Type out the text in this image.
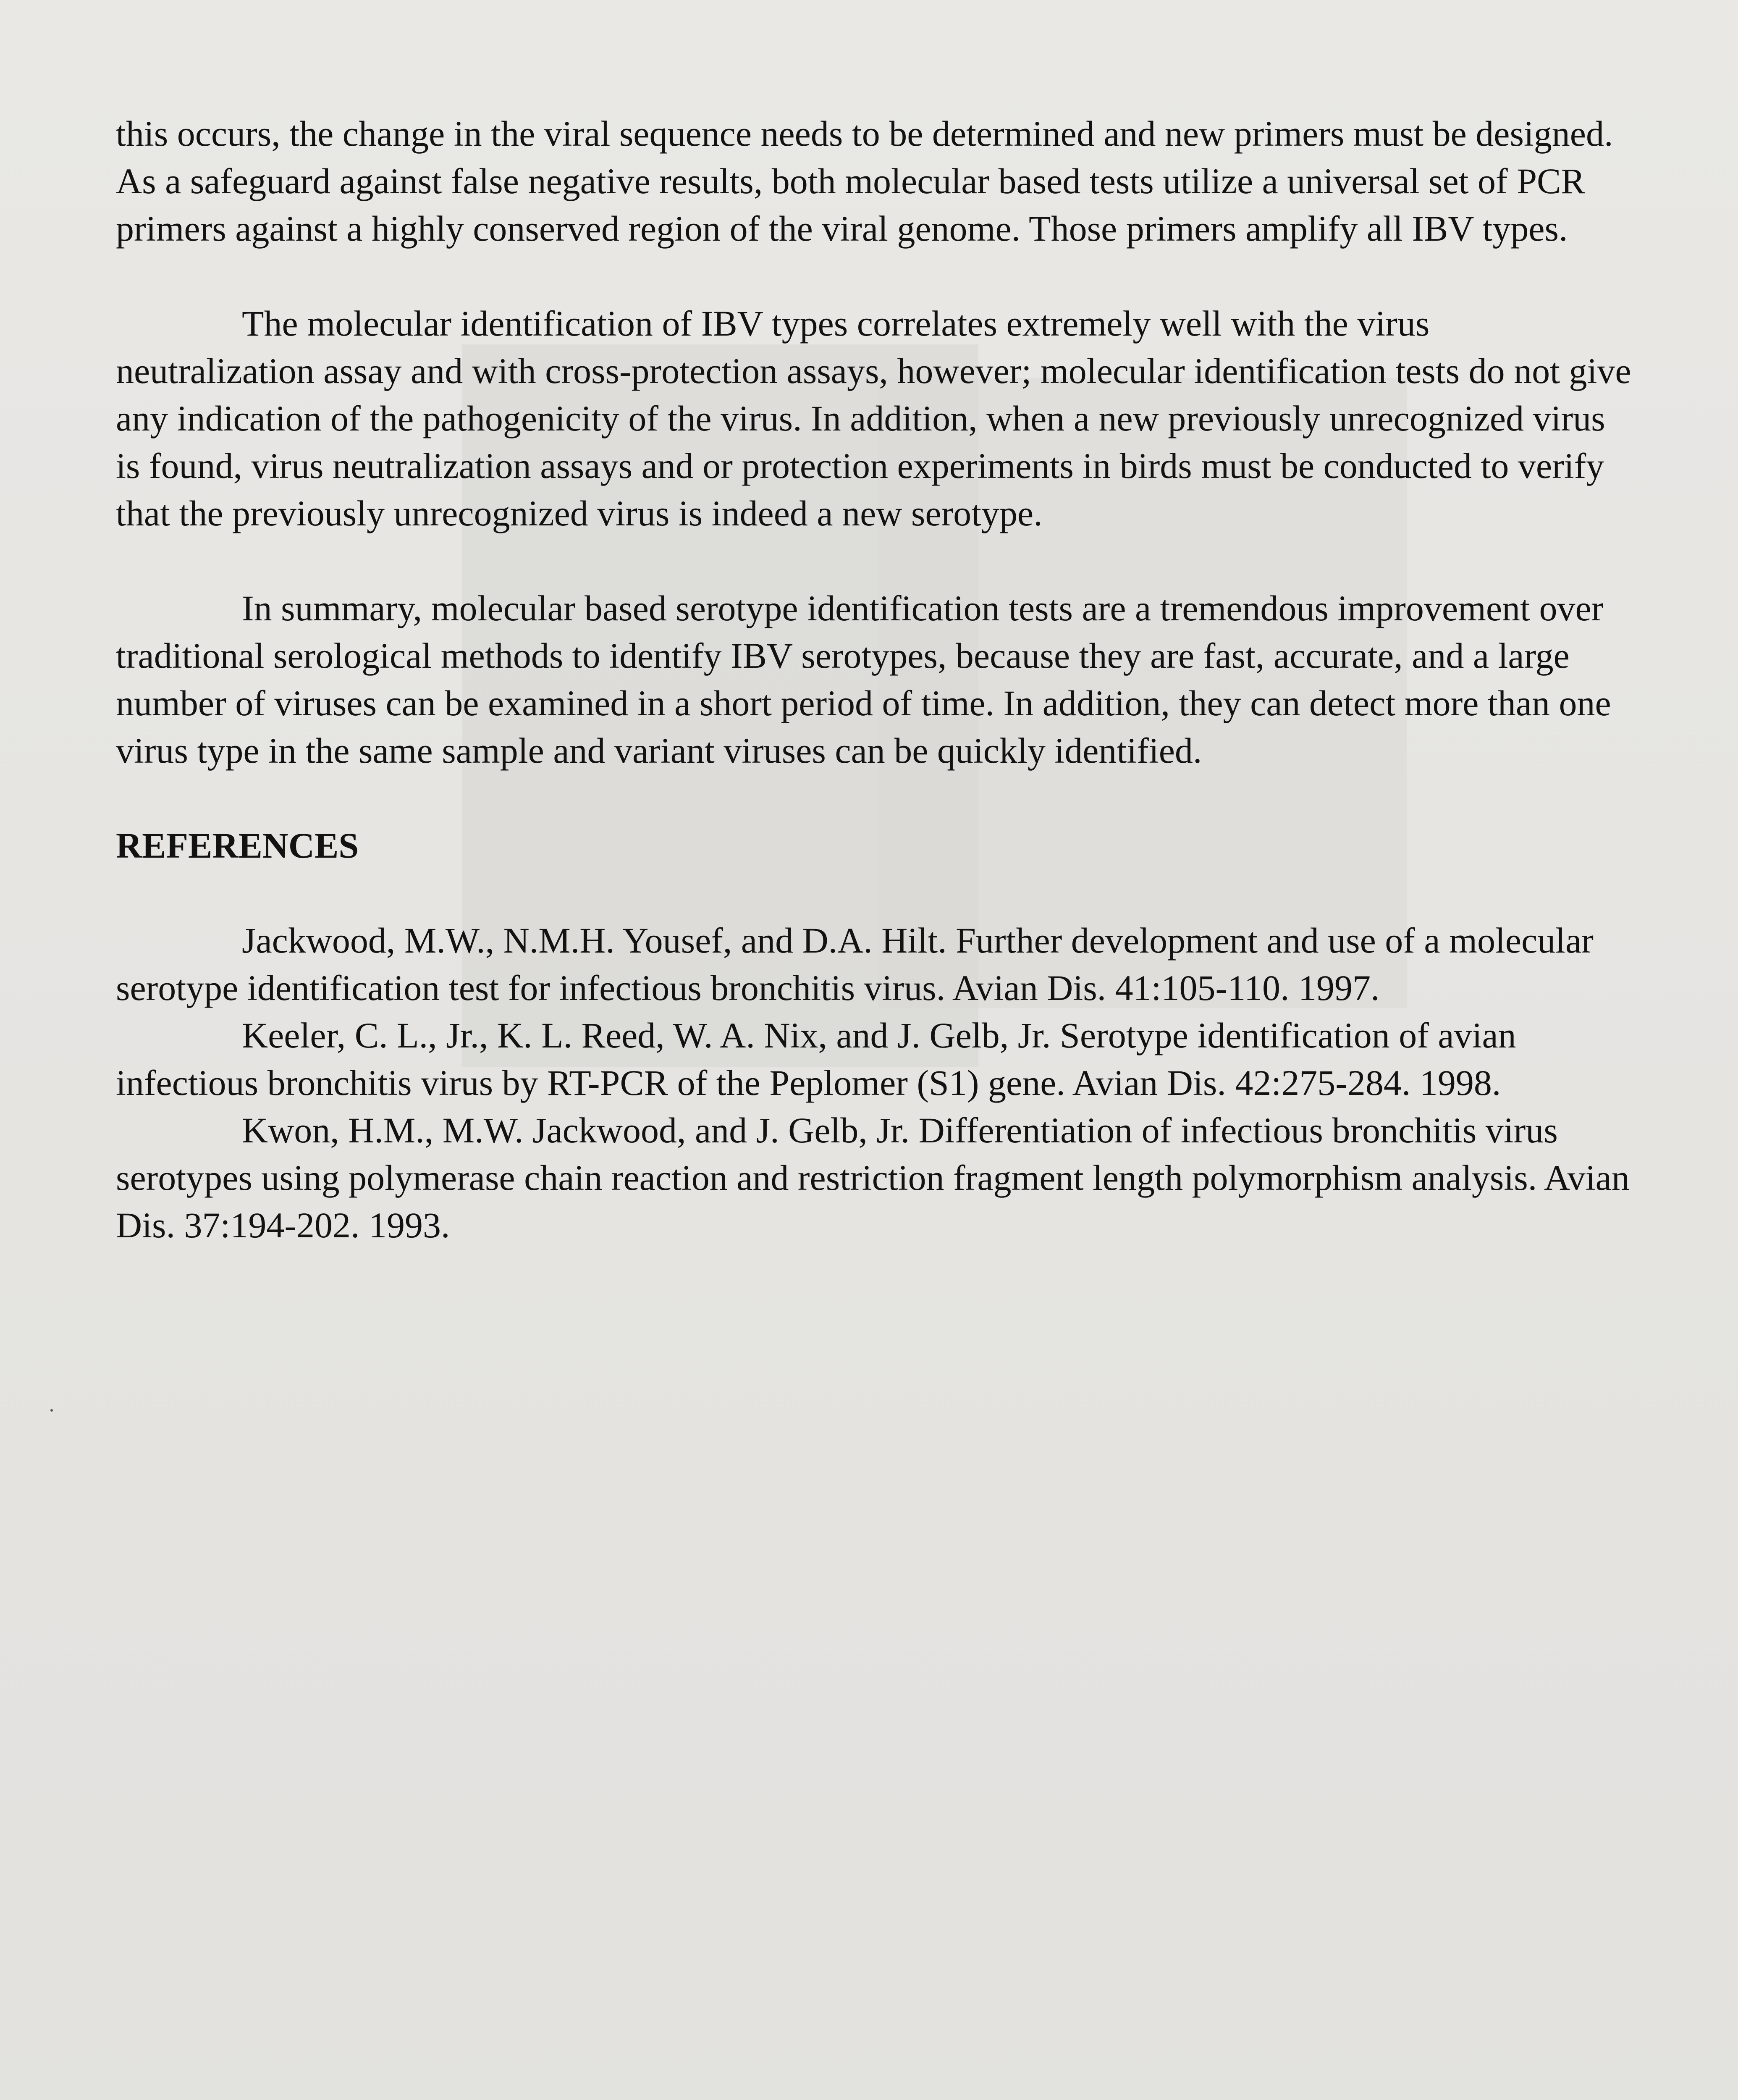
this occurs, the change in the viral sequence needs to be determined and new primers must be designed. As a safeguard against false negative results, both molecular based tests utilize a universal set of PCR primers against a highly conserved region of the viral genome. Those primers amplify all IBV types.

The molecular identification of IBV types correlates extremely well with the virus neutralization assay and with cross-protection assays, however; molecular identification tests do not give any indication of the pathogenicity of the virus. In addition, when a new previously unrecognized virus is found, virus neutralization assays and or protection experiments in birds must be conducted to verify that the previously unrecognized virus is indeed a new serotype.

In summary, molecular based serotype identification tests are a tremendous improvement over traditional serological methods to identify IBV serotypes, because they are fast, accurate, and a large number of viruses can be examined in a short period of time. In addition, they can detect more than one virus type in the same sample and variant viruses can be quickly identified.

REFERENCES

Jackwood, M.W., N.M.H. Yousef, and D.A. Hilt. Further development and use of a molecular serotype identification test for infectious bronchitis virus. Avian Dis. 41:105-110. 1997.

Keeler, C. L., Jr., K. L. Reed, W. A. Nix, and J. Gelb, Jr. Serotype identification of avian infectious bronchitis virus by RT-PCR of the Peplomer (S1) gene. Avian Dis. 42:275-284. 1998.

Kwon, H.M., M.W. Jackwood, and J. Gelb, Jr. Differentiation of infectious bronchitis virus serotypes using polymerase chain reaction and restriction fragment length polymorphism analysis. Avian Dis. 37:194-202. 1993.
